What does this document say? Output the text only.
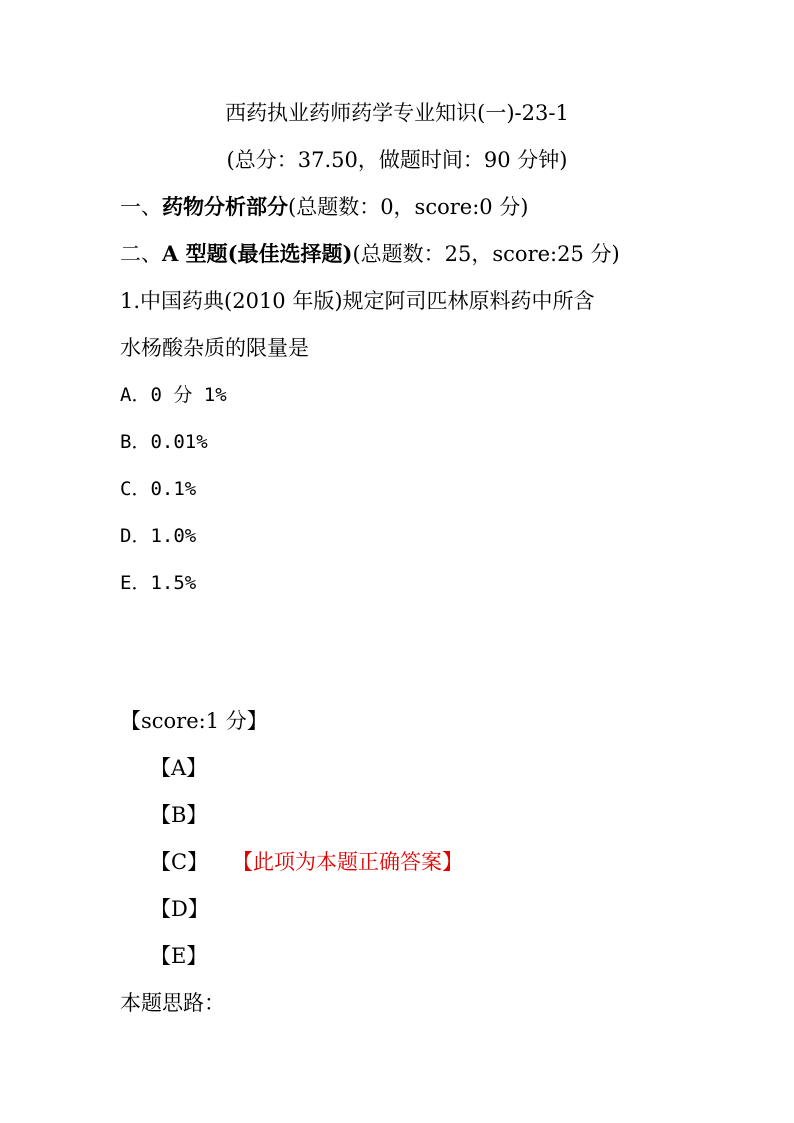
西药执业药师药学专业知识(一)-23-1
(总分：37.50，做题时间：90 分钟)
一、药物分析部分(总题数：0，score:0 分)
二、A 型题(最佳选择题)(总题数：25，score:25 分)
1.中国药典(2010 年版)规定阿司匹林原料药中所含
水杨酸杂质的限量是
A．0 分 1%
B．0.01%
C．0.1%
D．1.0%
E．1.5%
【score:1 分】
【A】
【B】
【C】 【此项为本题正确答案】
【D】
【E】
本题思路：
